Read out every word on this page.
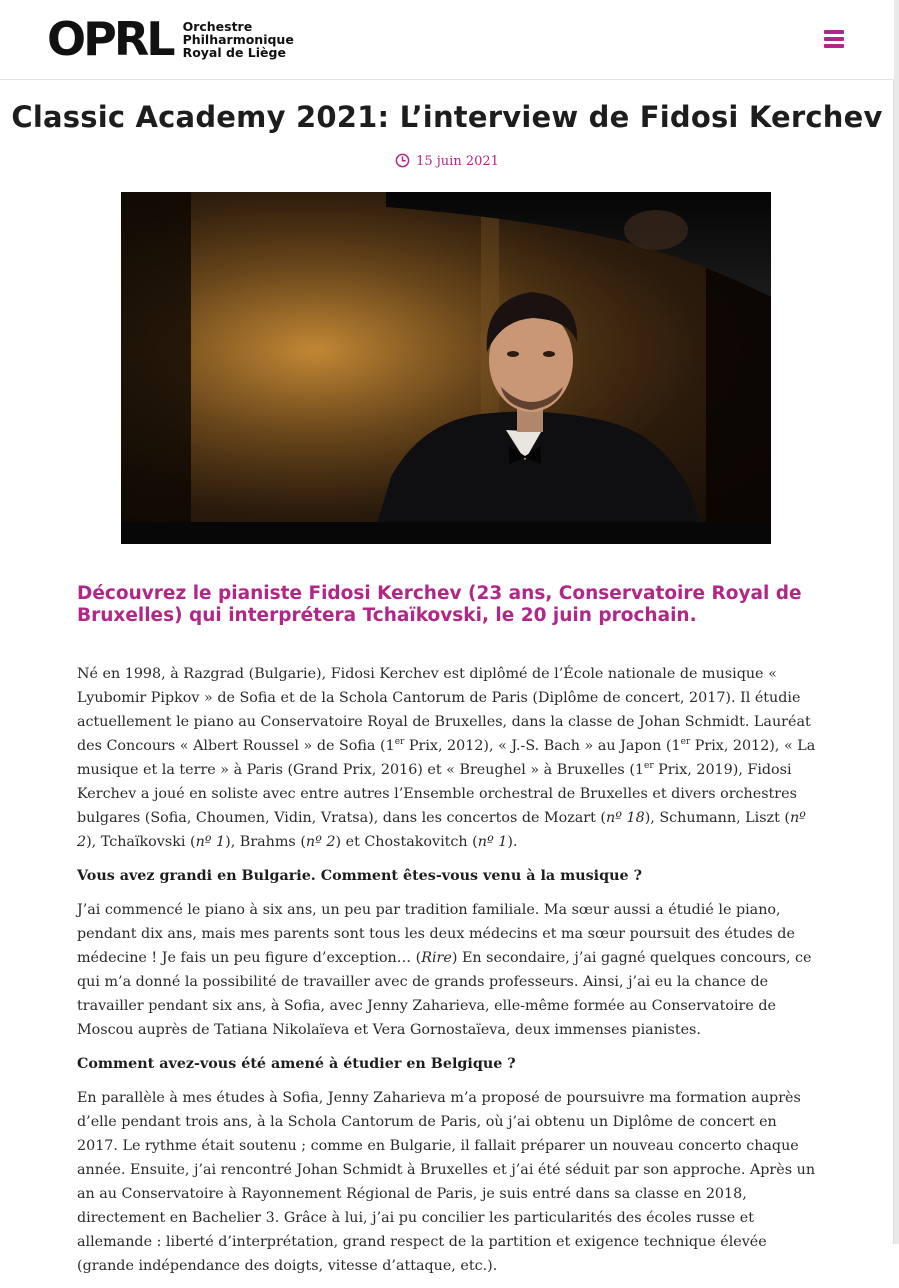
OPRL Orchestre
Philharmonique
Royal de Liège
Classic Academy 2021: L’interview de Fidosi Kerchev
15 juin 2021
Découvrez le pianiste Fidosi Kerchev (23 ans, Conservatoire Royal de Bruxelles) qui interprétera Tchaïkovski, le 20 juin prochain.

Né en 1998, à Razgrad (Bulgarie), Fidosi Kerchev est diplômé de l’École nationale de musique « Lyubomir Pipkov » de Sofia et de la Schola Cantorum de Paris (Diplôme de concert, 2017). Il étudie actuellement le piano au Conservatoire Royal de Bruxelles, dans la classe de Johan Schmidt. Lauréat des Concours « Albert Roussel » de Sofia (1er Prix, 2012), « J.-S. Bach » au Japon (1er Prix, 2012), « La musique et la terre » à Paris (Grand Prix, 2016) et « Breughel » à Bruxelles (1er Prix, 2019), Fidosi Kerchev a joué en soliste avec entre autres l’Ensemble orchestral de Bruxelles et divers orchestres bulgares (Sofia, Choumen, Vidin, Vratsa), dans les concertos de Mozart (nº 18), Schumann, Liszt (nº 2), Tchaïkovski (nº 1), Brahms (nº 2) et Chostakovitch (nº 1).

Vous avez grandi en Bulgarie. Comment êtes-vous venu à la musique ?

J’ai commencé le piano à six ans, un peu par tradition familiale. Ma sœur aussi a étudié le piano, pendant dix ans, mais mes parents sont tous les deux médecins et ma sœur poursuit des études de médecine ! Je fais un peu figure d’exception… (Rire) En secondaire, j’ai gagné quelques concours, ce qui m’a donné la possibilité de travailler avec de grands professeurs. Ainsi, j’ai eu la chance de travailler pendant six ans, à Sofia, avec Jenny Zaharieva, elle-même formée au Conservatoire de Moscou auprès de Tatiana Nikolaïeva et Vera Gornostaïeva, deux immenses pianistes.

Comment avez-vous été amené à étudier en Belgique ?

En parallèle à mes études à Sofia, Jenny Zaharieva m’a proposé de poursuivre ma formation auprès d’elle pendant trois ans, à la Schola Cantorum de Paris, où j’ai obtenu un Diplôme de concert en 2017. Le rythme était soutenu ; comme en Bulgarie, il fallait préparer un nouveau concerto chaque année. Ensuite, j’ai rencontré Johan Schmidt à Bruxelles et j’ai été séduit par son approche. Après un an au Conservatoire à Rayonnement Régional de Paris, je suis entré dans sa classe en 2018, directement en Bachelier 3. Grâce à lui, j’ai pu concilier les particularités des écoles russe et allemande : liberté d’interprétation, grand respect de la partition et exigence technique élevée (grande indépendance des doigts, vitesse d’attaque, etc.).
